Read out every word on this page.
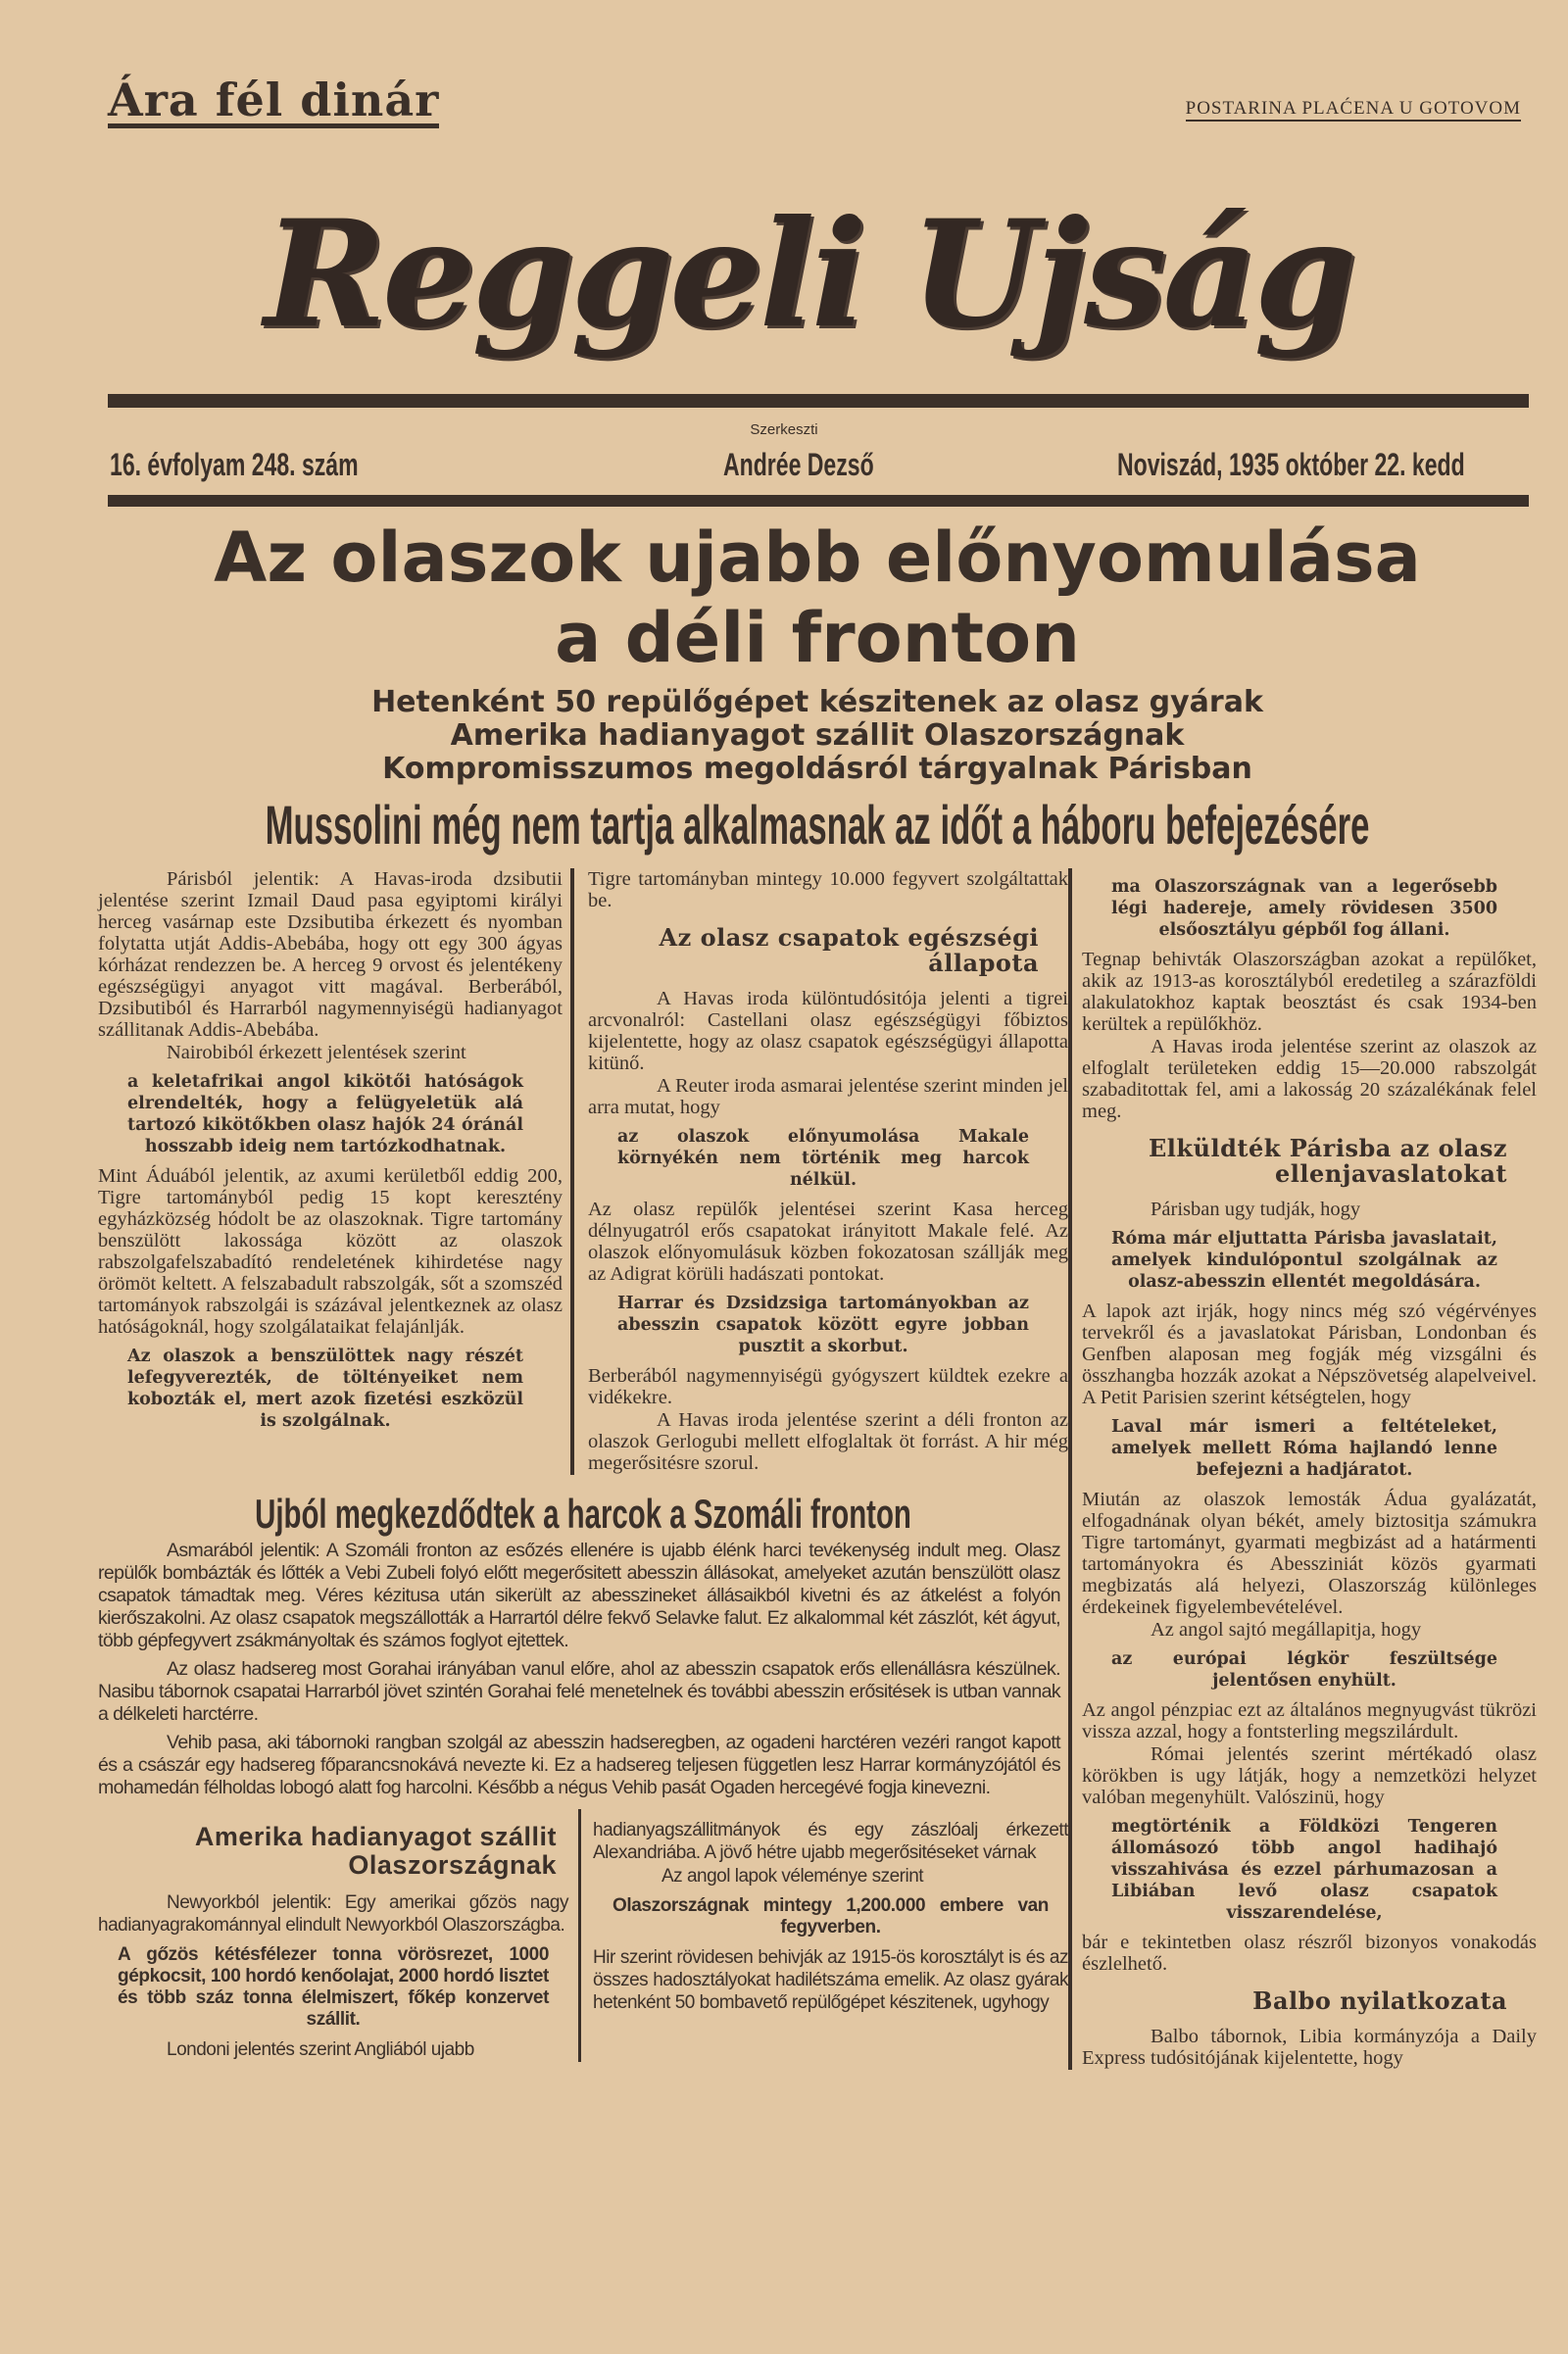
Ára fél dinár	POSTARINA PLAĆENA U GOTOVOM
Reggeli Ujság
Szerkeszti
16. évfolyam 248. szám	Andrée Dezső	Noviszád, 1935 október 22. kedd
Az olaszok ujabb előnyomulása
a déli fronton
Hetenként 50 repülőgépet készitenek az olasz gyárak
Amerika hadianyagot szállit Olaszországnak
Kompromisszumos megoldásról tárgyalnak Párisban
Mussolini még nem tartja alkalmasnak az időt a háboru befejezésére

Párisból jelentik: A Havas-iroda dzsibutii jelentése szerint Izmail Daud pasa egyiptomi királyi herceg vasárnap este Dzsibutiba érkezett és nyomban folytatta utját Addis-Abebába, hogy ott egy 300 ágyas kórházat rendezzen be. A herceg 9 orvost és jelentékeny egészségügyi anyagot vitt magával. Berberából, Dzsibutiból és Harrarból nagymennyiségü hadianyagot szállitanak Addis-Abebába.

Nairobiból érkezett jelentések szerint

a keletafrikai angol kikötői hatóságok elrendelték, hogy a felügyeletük alá tartozó kikötőkben olasz hajók 24 óránál hosszabb ideig nem tartózkodhatnak.

Mint Áduából jelentik, az axumi kerületből eddig 200, Tigre tartományból pedig 15 kopt keresztény egyházközség hódolt be az olaszoknak. Tigre tartomány benszülött lakossága között az olaszok rabszolgafelszabadító rendeletének kihirdetése nagy örömöt keltett. A felszabadult rabszolgák, sőt a szomszéd tartományok rabszolgái is százával jelentkeznek az olasz hatóságoknál, hogy szolgálataikat felajánlják.

Az olaszok a benszülöttek nagy részét lefegyverezték, de töltényeiket nem kobozták el, mert azok fizetési eszközül is szolgálnak.

Tigre tartományban mintegy 10.000 fegyvert szolgáltattak be.

Az olasz csapatok egészségi állapota

A Havas iroda különtudósitója jelenti a tigrei arcvonalról: Castellani olasz egészségügyi főbiztos kijelentette, hogy az olasz csapatok egészségügyi állapotta kitünő.

A Reuter iroda asmarai jelentése szerint minden jel arra mutat, hogy

az olaszok előnyumolása Makale környékén nem történik meg harcok nélkül.

Az olasz repülők jelentései szerint Kasa herceg délnyugatról erős csapatokat irányitott Makale felé. Az olaszok előnyomulásuk közben fokozatosan szállják meg az Adigrat körüli hadászati pontokat.

Harrar és Dzsidzsiga tartományokban az abesszin csapatok között egyre jobban pusztit a skorbut.

Berberából nagymennyiségü gyógyszert küldtek ezekre a vidékekre.

A Havas iroda jelentése szerint a déli fronton az olaszok Gerlogubi mellett elfoglaltak öt forrást. A hir még megerősitésre szorul.

Ujból megkezdődtek a harcok a Szomáli fronton

Asmarából jelentik: A Szomáli fronton az esőzés ellenére is ujabb élénk harci tevékenység indult meg. Olasz repülők bombázták és lőtték a Vebi Zubeli folyó előtt megerősitett abesszin állásokat, amelyeket azután benszülött olasz csapatok támadtak meg. Véres kézitusa után sikerült az abesszineket állásaikból kivetni és az átkelést a folyón kierőszakolni. Az olasz csapatok megszállották a Harrartól délre fekvő Selavke falut. Ez alkalommal két zászlót, két ágyut, több gépfegyvert zsákmányoltak és számos foglyot ejtettek.

Az olasz hadsereg most Gorahai irányában vanul előre, ahol az abesszin csapatok erős ellenállásra készülnek. Nasibu tábornok csapatai Harrarból jövet szintén Gorahai felé menetelnek és további abesszin erősitések is utban vannak a délkeleti harctérre.

Vehib pasa, aki tábornoki rangban szolgál az abesszin hadseregben, az ogadeni harctéren vezéri rangot kapott és a császár egy hadsereg főparancsnokává nevezte ki. Ez a hadsereg teljesen független lesz Harrar kormányzójától és mohamedán félholdas lobogó alatt fog harcolni. Később a négus Vehib pasát Ogaden hercegévé fogja kinevezni.

Amerika hadianyagot szállit Olaszországnak

Newyorkból jelentik: Egy amerikai gőzös nagy hadianyagrakománnyal elindult Newyorkból Olaszországba.

A gőzös kétésfélezer tonna vörösrezet, 1000 gépkocsit, 100 hordó kenőolajat, 2000 hordó lisztet és több száz tonna élelmiszert, főkép konzervet szállit.

Londoni jelentés szerint Angliából ujabb

hadianyagszállitmányok és egy zászlóalj érkezett Alexandriába. A jövő hétre ujabb megerősitéseket várnak

Az angol lapok véleménye szerint

Olaszországnak mintegy 1,200.000 embere van fegyverben.

Hir szerint rövidesen behivják az 1915-ös korosztályt is és az összes hadosztályokat hadilétszáma emelik. Az olasz gyárak hetenként 50 bombavető repülőgépet készitenek, ugyhogy

ma Olaszországnak van a legerősebb légi hadereje, amely rövidesen 3500 elsőosztályu gépből fog állani.

Tegnap behivták Olaszországban azokat a repülőket, akik az 1913-as korosztályból eredetileg a szárazföldi alakulatokhoz kaptak beosztást és csak 1934-ben kerültek a repülőkhöz.

A Havas iroda jelentése szerint az olaszok az elfoglalt területeken eddig 15—20.000 rabszolgát szabaditottak fel, ami a lakosság 20 százalékának felel meg.

Elküldték Párisba az olasz ellenjavaslatokat

Párisban ugy tudják, hogy

Róma már eljuttatta Párisba javaslatait, amelyek kindulópontul szolgálnak az olasz-abesszin ellentét megoldására.

A lapok azt irják, hogy nincs még szó végérvényes tervekről és a javaslatokat Párisban, Londonban és Genfben alaposan meg fogják még vizsgálni és összhangba hozzák azokat a Népszövetség alapelveivel. A Petit Parisien szerint kétségtelen, hogy

Laval már ismeri a feltételeket, amelyek mellett Róma hajlandó lenne befejezni a hadjáratot.

Miután az olaszok lemosták Ádua gyalázatát, elfogadnának olyan békét, amely biztositja számukra Tigre tartományt, gyarmati megbizást ad a határmenti tartományokra és Abessziniát közös gyarmati megbizatás alá helyezi, Olaszország különleges érdekeinek figyelembevételével.

Az angol sajtó megállapitja, hogy

az európai légkör feszültsége jelentősen enyhült.

Az angol pénzpiac ezt az általános megnyugvást tükrözi vissza azzal, hogy a fontsterling megszilárdult.

Római jelentés szerint mértékadó olasz körökben is ugy látják, hogy a nemzetközi helyzet valóban megenyhült. Valószinü, hogy

megtörténik a Földközi Tengeren állomásozó több angol hadihajó visszahivása és ezzel párhumazosan a Libiában levő olasz csapatok visszarendelése,

bár e tekintetben olasz részről bizonyos vonakodás észlelhető.

Balbo nyilatkozata

Balbo tábornok, Libia kormányzója a Daily Express tudósitójának kijelentette, hogy
